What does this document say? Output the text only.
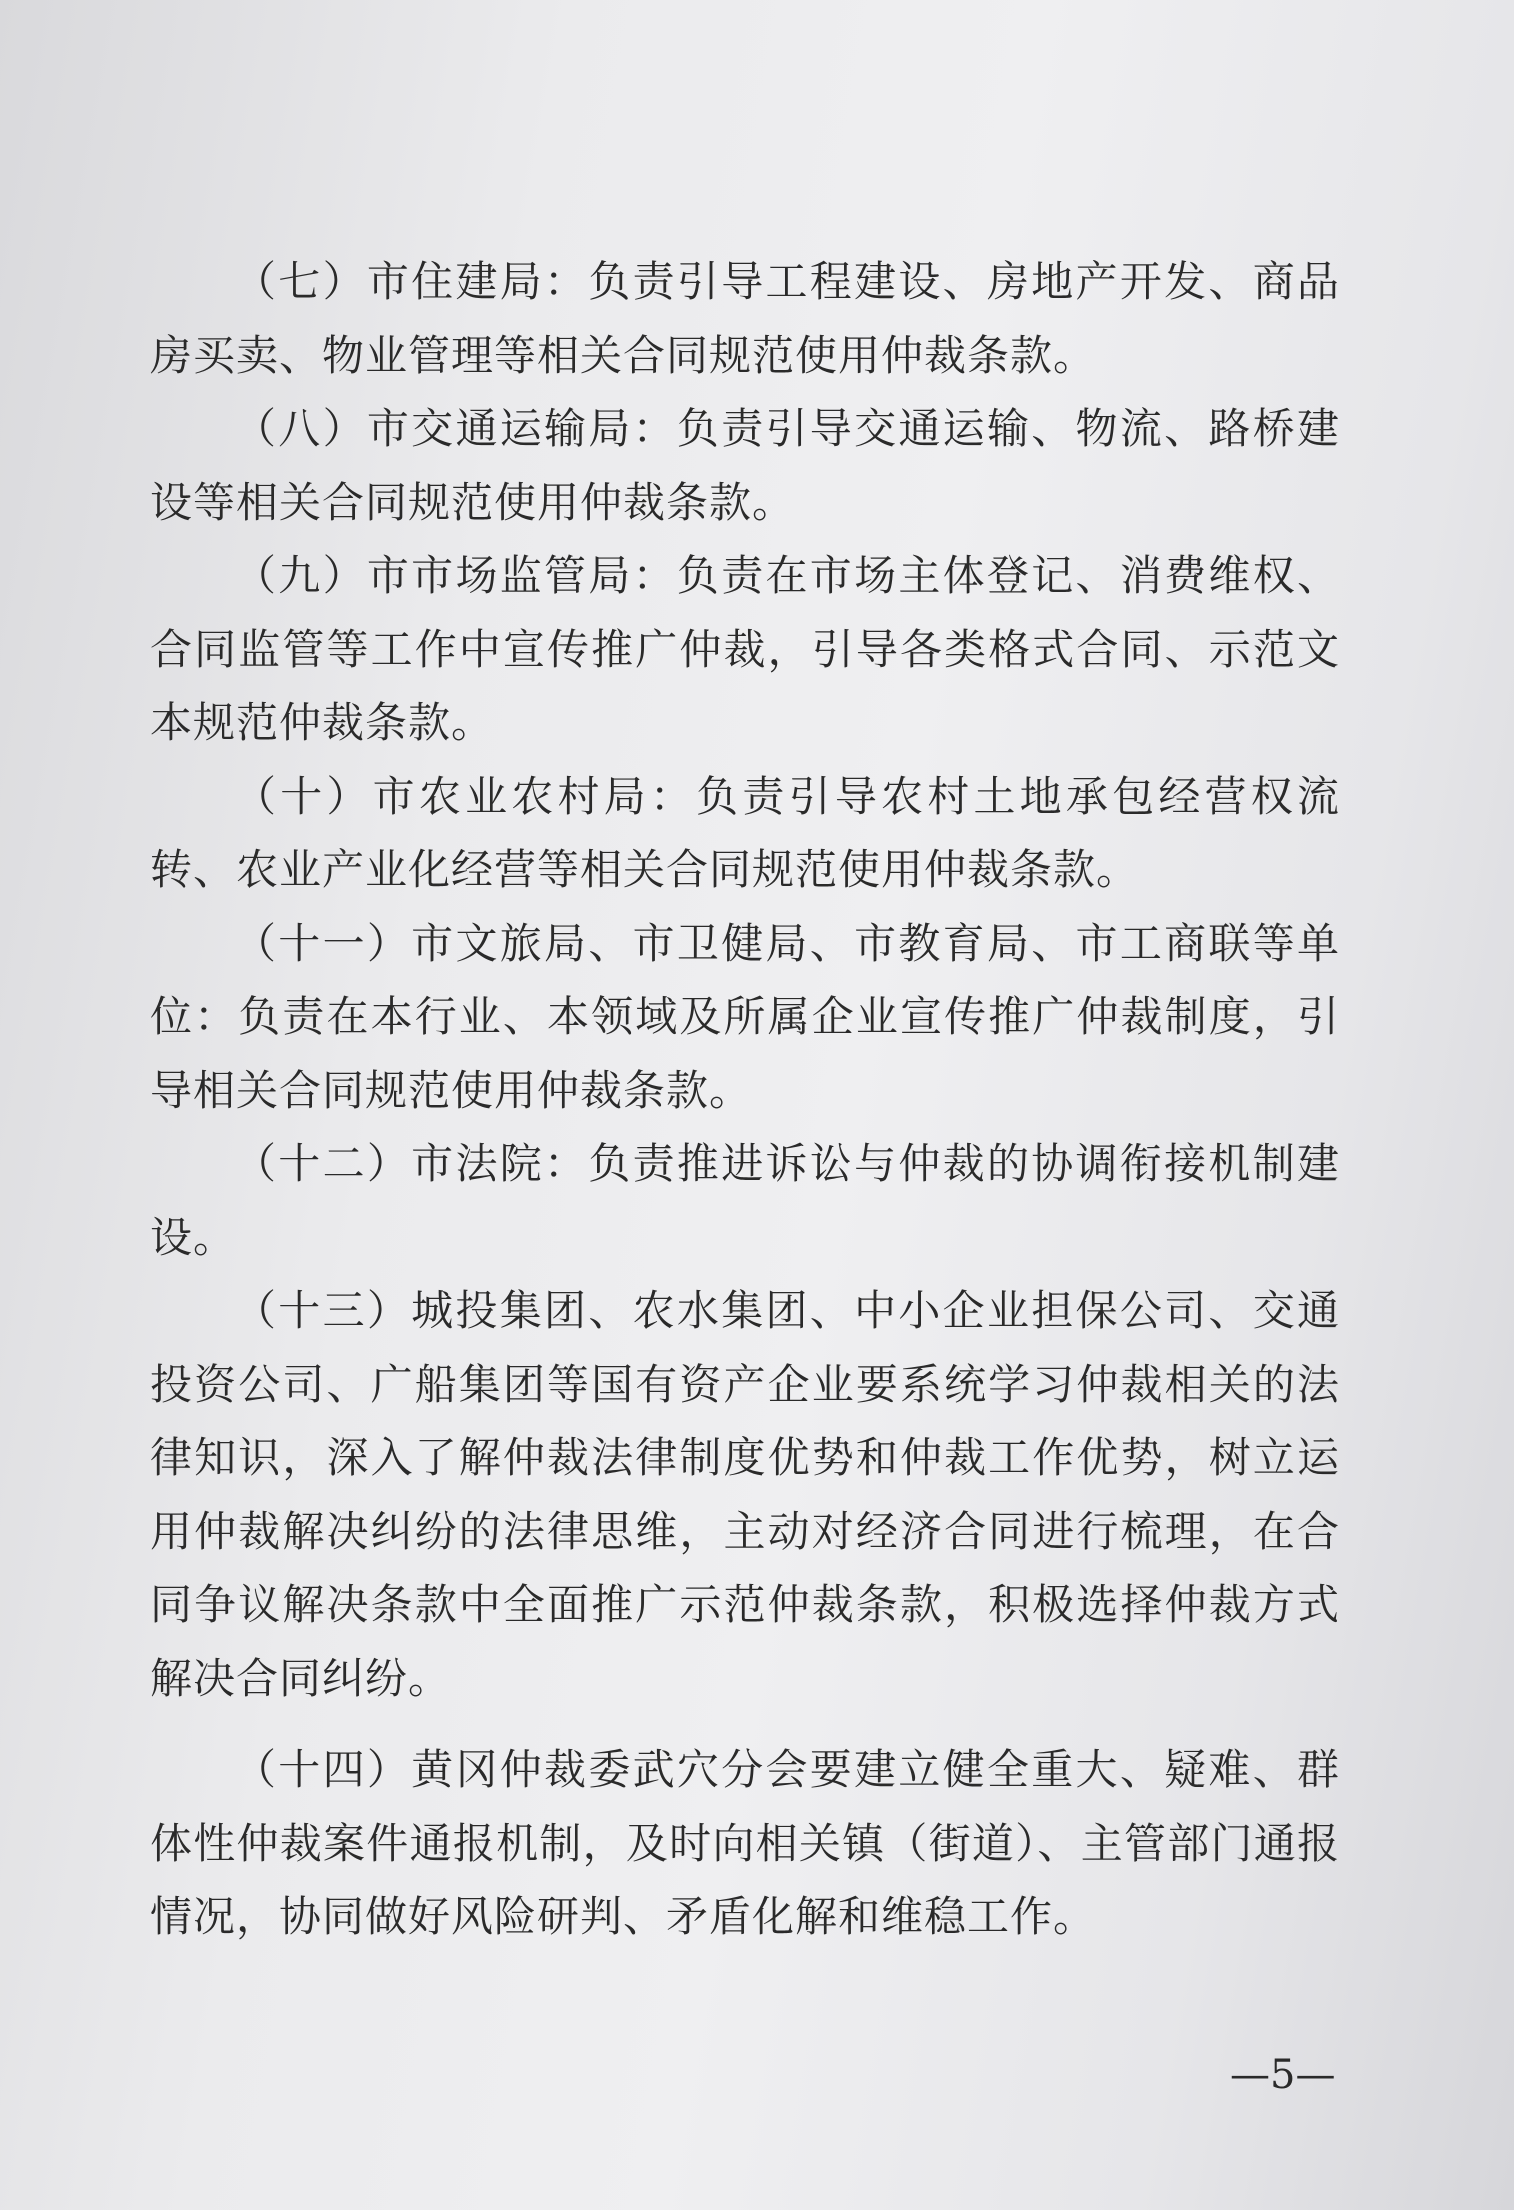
（七）市住建局：负责引导工程建设、房地产开发、商品房买卖、物业管理等相关合同规范使用仲裁条款。

（八）市交通运输局：负责引导交通运输、物流、路桥建设等相关合同规范使用仲裁条款。

（九）市市场监管局：负责在市场主体登记、消费维权、合同监管等工作中宣传推广仲裁，引导各类格式合同、示范文本规范仲裁条款。

（十）市农业农村局：负责引导农村土地承包经营权流转、农业产业化经营等相关合同规范使用仲裁条款。

（十一）市文旅局、市卫健局、市教育局、市工商联等单位：负责在本行业、本领域及所属企业宣传推广仲裁制度，引导相关合同规范使用仲裁条款。

（十二）市法院：负责推进诉讼与仲裁的协调衔接机制建设。

（十三）城投集团、农水集团、中小企业担保公司、交通投资公司、广船集团等国有资产企业要系统学习仲裁相关的法律知识，深入了解仲裁法律制度优势和仲裁工作优势，树立运用仲裁解决纠纷的法律思维，主动对经济合同进行梳理，在合同争议解决条款中全面推广示范仲裁条款，积极选择仲裁方式解决合同纠纷。

（十四）黄冈仲裁委武穴分会要建立健全重大、疑难、群体性仲裁案件通报机制，及时向相关镇（街道）、主管部门通报情况，协同做好风险研判、矛盾化解和维稳工作。

—5—
